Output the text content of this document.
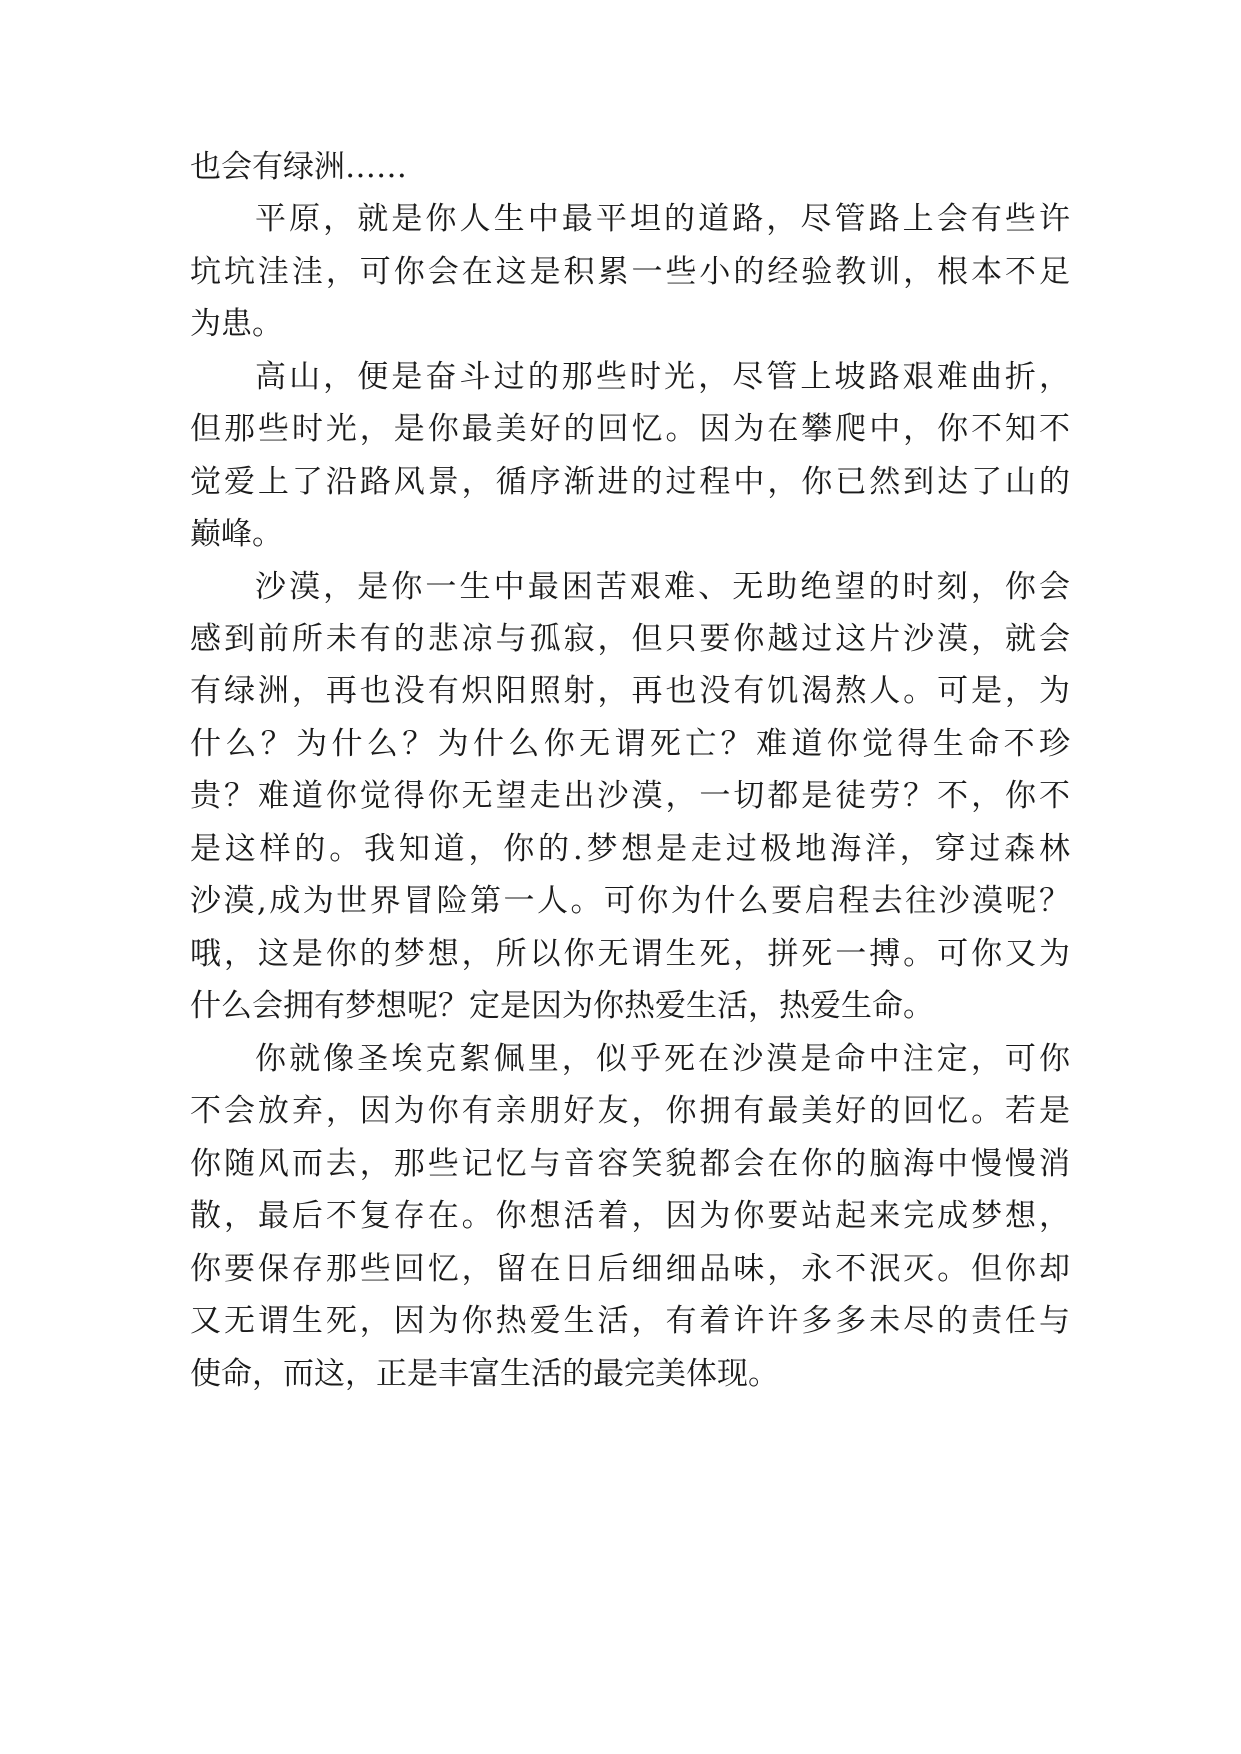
也会有绿洲……
平原，就是你人生中最平坦的道路，尽管路上会有些许
坑坑洼洼，可你会在这是积累一些小的经验教训，根本不足
为患。
高山，便是奋斗过的那些时光，尽管上坡路艰难曲折，
但那些时光，是你最美好的回忆。因为在攀爬中，你不知不
觉爱上了沿路风景，循序渐进的过程中，你已然到达了山的
巅峰。
沙漠，是你一生中最困苦艰难、无助绝望的时刻，你会
感到前所未有的悲凉与孤寂，但只要你越过这片沙漠，就会
有绿洲，再也没有炽阳照射，再也没有饥渴熬人。可是，为
什么？为什么？为什么你无谓死亡？难道你觉得生命不珍
贵？难道你觉得你无望走出沙漠，一切都是徒劳？不，你不
是这样的。我知道，你的.梦想是走过极地海洋，穿过森林
沙漠,成为世界冒险第一人。可你为什么要启程去往沙漠呢？
哦，这是你的梦想，所以你无谓生死，拼死一搏。可你又为
什么会拥有梦想呢？定是因为你热爱生活，热爱生命。
你就像圣埃克絮佩里，似乎死在沙漠是命中注定，可你
不会放弃，因为你有亲朋好友，你拥有最美好的回忆。若是
你随风而去，那些记忆与音容笑貌都会在你的脑海中慢慢消
散，最后不复存在。你想活着，因为你要站起来完成梦想，
你要保存那些回忆，留在日后细细品味，永不泯灭。但你却
又无谓生死，因为你热爱生活，有着许许多多未尽的责任与
使命，而这，正是丰富生活的最完美体现。
